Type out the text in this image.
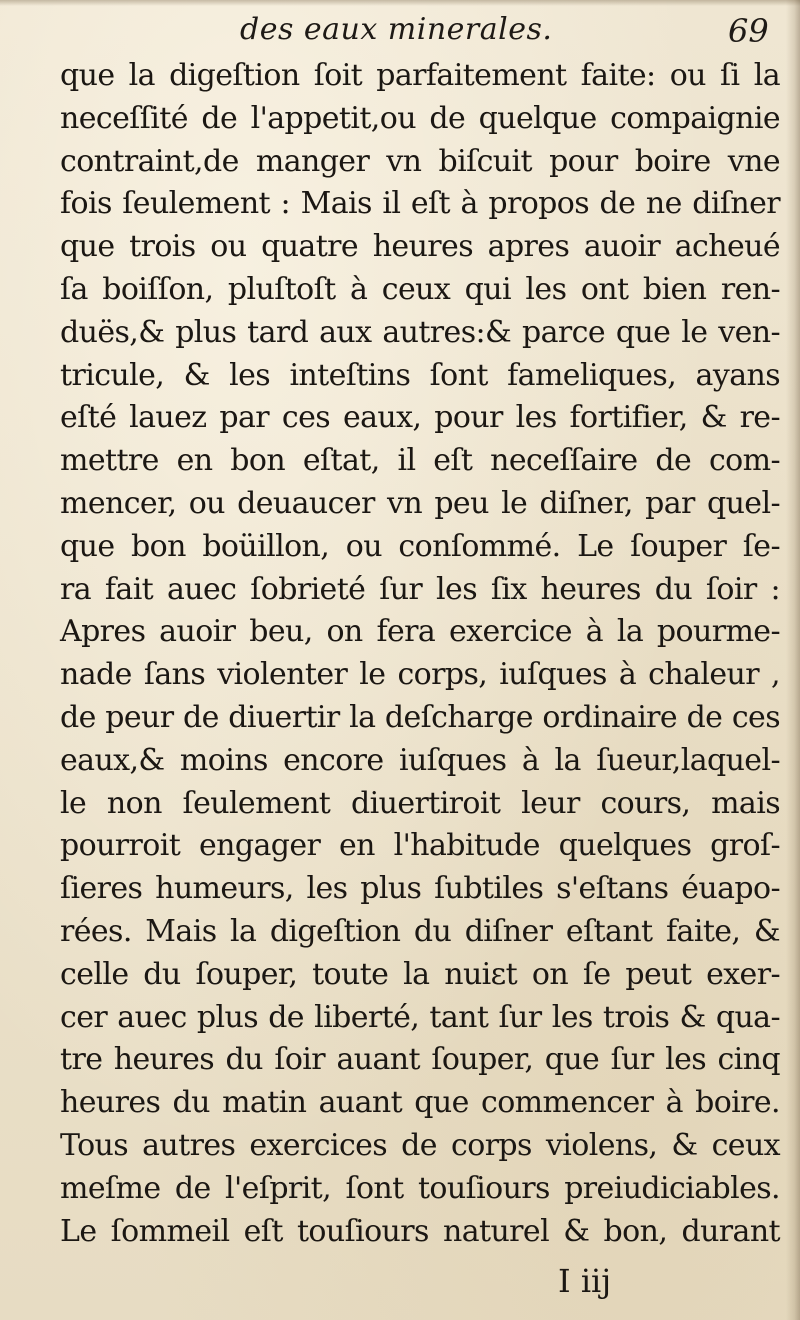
des eaux minerales.	69
que la digeſtion ſoit parfaitement faite: ou ſi la
neceſſité de l'appetit,ou de quelque compaignie
contraint,de manger vn biſcuit pour boire vne
fois ſeulement : Mais il eſt à propos de ne diſner
que trois ou quatre heures apres auoir acheué
ſa boiſſon, pluſtoſt à ceux qui les ont bien ren-
duës,& plus tard aux autres:& parce que le ven-
tricule, & les inteſtins ſont fameliques, ayans
eſté lauez par ces eaux, pour les fortifier, & re-
mettre en bon eſtat, il eſt neceſſaire de com-
mencer, ou deuaucer vn peu le diſner, par quel-
que bon boüillon, ou conſommé. Le ſouper ſe-
ra fait auec ſobrieté ſur les ſix heures du ſoir :
Apres auoir beu, on fera exercice à la pourme-
nade ſans violenter le corps, iuſques à chaleur ,
de peur de diuertir la deſcharge ordinaire de ces
eaux,& moins encore iuſques à la ſueur,laquel-
le non ſeulement diuertiroit leur cours, mais
pourroit engager en l'habitude quelques groſ-
ſieres humeurs, les plus ſubtiles s'eſtans éuapo-
rées. Mais la digeſtion du diſner eſtant faite, &
celle du ſouper, toute la nuiɛt on ſe peut exer-
cer auec plus de liberté, tant ſur les trois & qua-
tre heures du ſoir auant ſouper, que ſur les cinq
heures du matin auant que commencer à boire.
Tous autres exercices de corps violens, & ceux
meſme de l'eſprit, ſont touſiours preiudiciables.
Le ſommeil eſt touſiours naturel & bon, durant
I iij
